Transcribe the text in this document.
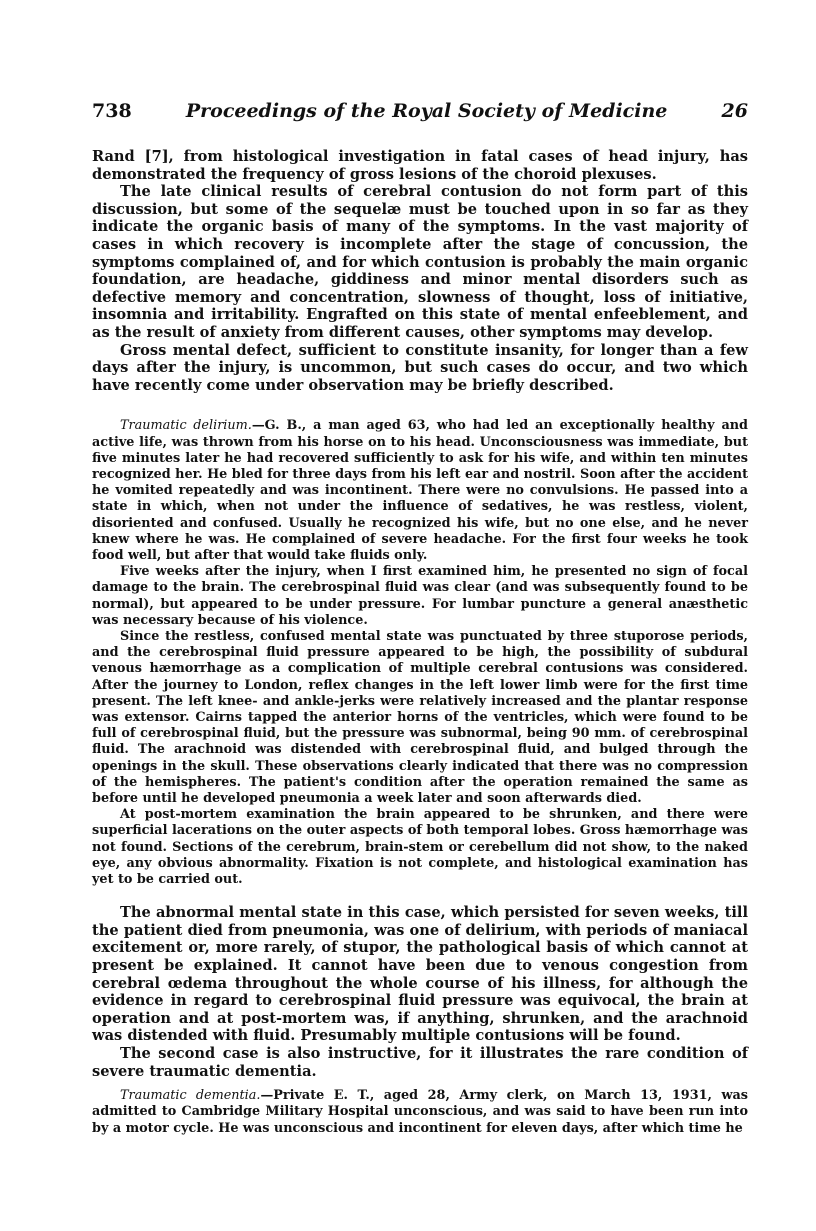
738	Proceedings of the Royal Society of Medicine	26

Rand [7], from histological investigation in fatal cases of head injury, has demonstrated the frequency of gross lesions of the choroid plexuses.

The late clinical results of cerebral contusion do not form part of this discussion, but some of the sequelæ must be touched upon in so far as they indicate the organic basis of many of the symptoms. In the vast majority of cases in which recovery is incomplete after the stage of concussion, the symptoms complained of, and for which contusion is probably the main organic foundation, are headache, giddiness and minor mental disorders such as defective memory and concentration, slowness of thought, loss of initiative, insomnia and irritability. Engrafted on this state of mental enfeeblement, and as the result of anxiety from different causes, other symptoms may develop.

Gross mental defect, sufficient to constitute insanity, for longer than a few days after the injury, is uncommon, but such cases do occur, and two which have recently come under observation may be briefly described.

Traumatic delirium.—G. B., a man aged 63, who had led an exceptionally healthy and active life, was thrown from his horse on to his head. Unconsciousness was immediate, but five minutes later he had recovered sufficiently to ask for his wife, and within ten minutes recognized her. He bled for three days from his left ear and nostril. Soon after the accident he vomited repeatedly and was incontinent. There were no convulsions. He passed into a state in which, when not under the influence of sedatives, he was restless, violent, disoriented and confused. Usually he recognized his wife, but no one else, and he never knew where he was. He complained of severe headache. For the first four weeks he took food well, but after that would take fluids only.

Five weeks after the injury, when I first examined him, he presented no sign of focal damage to the brain. The cerebrospinal fluid was clear (and was subsequently found to be normal), but appeared to be under pressure. For lumbar puncture a general anæsthetic was necessary because of his violence.

Since the restless, confused mental state was punctuated by three stuporose periods, and the cerebrospinal fluid pressure appeared to be high, the possibility of subdural venous hæmorrhage as a complication of multiple cerebral contusions was considered. After the journey to London, reflex changes in the left lower limb were for the first time present. The left knee- and ankle-jerks were relatively increased and the plantar response was extensor. Cairns tapped the anterior horns of the ventricles, which were found to be full of cerebrospinal fluid, but the pressure was subnormal, being 90 mm. of cerebrospinal fluid. The arachnoid was distended with cerebrospinal fluid, and bulged through the openings in the skull. These observations clearly indicated that there was no compression of the hemispheres. The patient's condition after the operation remained the same as before until he developed pneumonia a week later and soon afterwards died.

At post-mortem examination the brain appeared to be shrunken, and there were superficial lacerations on the outer aspects of both temporal lobes. Gross hæmorrhage was not found. Sections of the cerebrum, brain-stem or cerebellum did not show, to the naked eye, any obvious abnormality. Fixation is not complete, and histological examination has yet to be carried out.

The abnormal mental state in this case, which persisted for seven weeks, till the patient died from pneumonia, was one of delirium, with periods of maniacal excitement or, more rarely, of stupor, the pathological basis of which cannot at present be explained. It cannot have been due to venous congestion from cerebral œdema throughout the whole course of his illness, for although the evidence in regard to cerebrospinal fluid pressure was equivocal, the brain at operation and at post-mortem was, if anything, shrunken, and the arachnoid was distended with fluid. Presumably multiple contusions will be found.

The second case is also instructive, for it illustrates the rare condition of severe traumatic dementia.

Traumatic dementia.—Private E. T., aged 28, Army clerk, on March 13, 1931, was admitted to Cambridge Military Hospital unconscious, and was said to have been run into by a motor cycle. He was unconscious and incontinent for eleven days, after which time he
